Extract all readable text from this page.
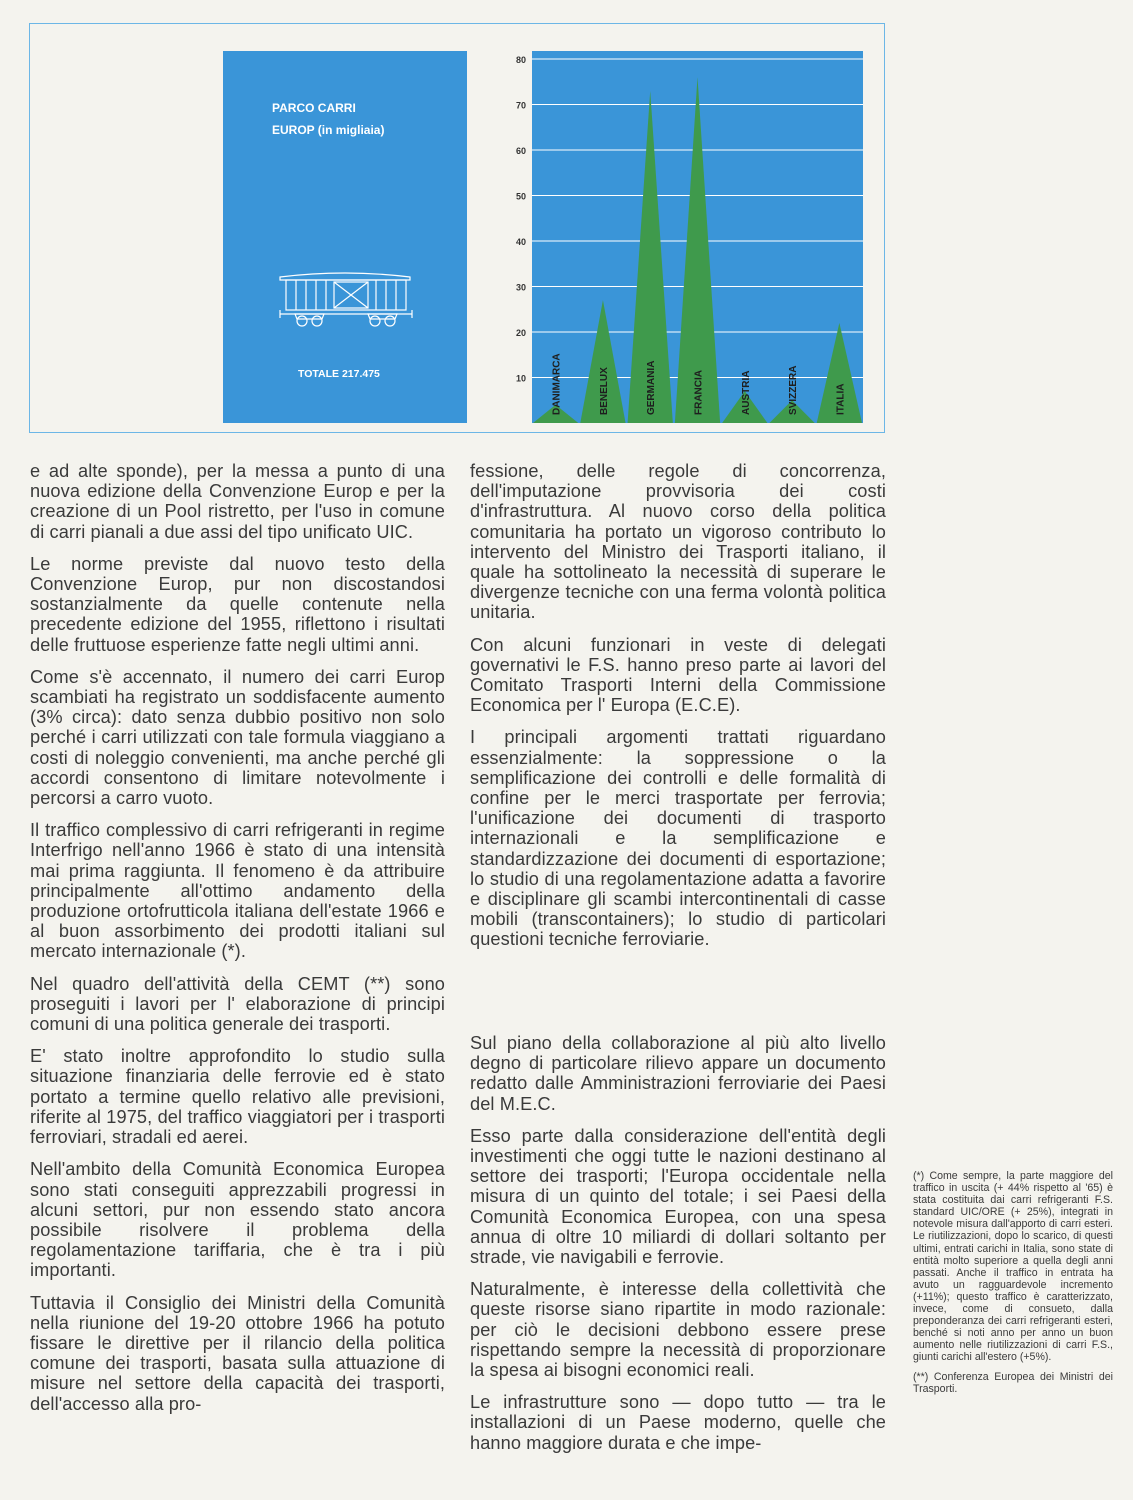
PARCO CARRI
EUROP (in migliaia)
TOTALE 217.475	DANIMARCA	BENELUX	GERMANIA	FRANCIA	AUSTRIA	SVIZZERA	ITALIA
10
20
30
40
50
60
70
80

e ad alte sponde), per la messa a punto di una nuova edizione della Convenzione Europ e per la creazione di un Pool ristretto, per l'uso in comune di carri pianali a due assi del tipo unificato UIC.

Le norme previste dal nuovo testo della Convenzione Europ, pur non discostandosi sostanzialmente da quelle contenute nella precedente edizione del 1955, riflettono i risultati delle fruttuose esperienze fatte negli ultimi anni.

Come s'è accennato, il numero dei carri Europ scambiati ha registrato un soddisfacente aumento (3% circa): dato senza dubbio positivo non solo perché i carri utilizzati con tale formula viaggiano a costi di noleggio convenienti, ma anche perché gli accordi consentono di limitare notevolmente i percorsi a carro vuoto.

Il traffico complessivo di carri refrigeranti in regime Interfrigo nell'anno 1966 è stato di una intensità mai prima raggiunta. Il fenomeno è da attribuire principalmente all'ottimo andamento della produzione ortofrutticola italiana dell'estate 1966 e al buon assorbimento dei prodotti italiani sul mercato internazionale (*).

Nel quadro dell'attività della CEMT (**) sono proseguiti i lavori per l' elaborazione di principi comuni di una politica generale dei trasporti.

E' stato inoltre approfondito lo studio sulla situazione finanziaria delle ferrovie ed è stato portato a termine quello relativo alle previsioni, riferite al 1975, del traffico viaggiatori per i trasporti ferroviari, stradali ed aerei.

Nell'ambito della Comunità Economica Europea sono stati conseguiti apprezzabili progressi in alcuni settori, pur non essendo stato ancora possibile risolvere il problema della regolamentazione tariffaria, che è tra i più importanti.

Tuttavia il Consiglio dei Ministri della Comunità nella riunione del 19-20 ottobre 1966 ha potuto fissare le direttive per il rilancio della politica comune dei trasporti, basata sulla attuazione di misure nel settore della capacità dei trasporti, dell'accesso alla pro-

fessione, delle regole di concorrenza, dell'imputazione provvisoria dei costi d'infrastruttura. Al nuovo corso della politica comunitaria ha portato un vigoroso contributo lo intervento del Ministro dei Trasporti italiano, il quale ha sottolineato la necessità di superare le divergenze tecniche con una ferma volontà politica unitaria.

Con alcuni funzionari in veste di delegati governativi le F.S. hanno preso parte ai lavori del Comitato Trasporti Interni della Commissione Economica per l' Europa (E.C.E).

I principali argomenti trattati riguardano essenzialmente: la soppressione o la semplificazione dei controlli e delle formalità di confine per le merci trasportate per ferrovia; l'unificazione dei documenti di trasporto internazionali e la semplificazione e standardizzazione dei documenti di esportazione; lo studio di una regolamentazione adatta a favorire e disciplinare gli scambi intercontinentali di casse mobili (transcontainers); lo studio di particolari questioni tecniche ferroviarie.

Sul piano della collaborazione al più alto livello degno di particolare rilievo appare un documento redatto dalle Amministrazioni ferroviarie dei Paesi del M.E.C.

Esso parte dalla considerazione dell'entità degli investimenti che oggi tutte le nazioni destinano al settore dei trasporti; l'Europa occidentale nella misura di un quinto del totale; i sei Paesi della Comunità Economica Europea, con una spesa annua di oltre 10 miliardi di dollari soltanto per strade, vie navigabili e ferrovie.

Naturalmente, è interesse della collettività che queste risorse siano ripartite in modo razionale: per ciò le decisioni debbono essere prese rispettando sempre la necessità di proporzionare la spesa ai bisogni economici reali.

Le infrastrutture sono — dopo tutto — tra le installazioni di un Paese moderno, quelle che hanno maggiore durata e che impe-

(*) Come sempre, la parte maggiore del traffico in uscita (+ 44% rispetto al '65) è stata costituita dai carri refrigeranti F.S. standard UIC/ORE (+ 25%), integrati in notevole misura dall'apporto di carri esteri. Le riutilizzazioni, dopo lo scarico, di questi ultimi, entrati carichi in Italia, sono state di entità molto superiore a quella degli anni passati. Anche il traffico in entrata ha avuto un ragguardevole incremento (+11%); questo traffico è caratterizzato, invece, come di consueto, dalla preponderanza dei carri refrigeranti esteri, benché si noti anno per anno un buon aumento nelle riutilizzazioni di carri F.S., giunti carichi all'estero (+5%).

(**) Conferenza Europea dei Ministri dei Trasporti.
